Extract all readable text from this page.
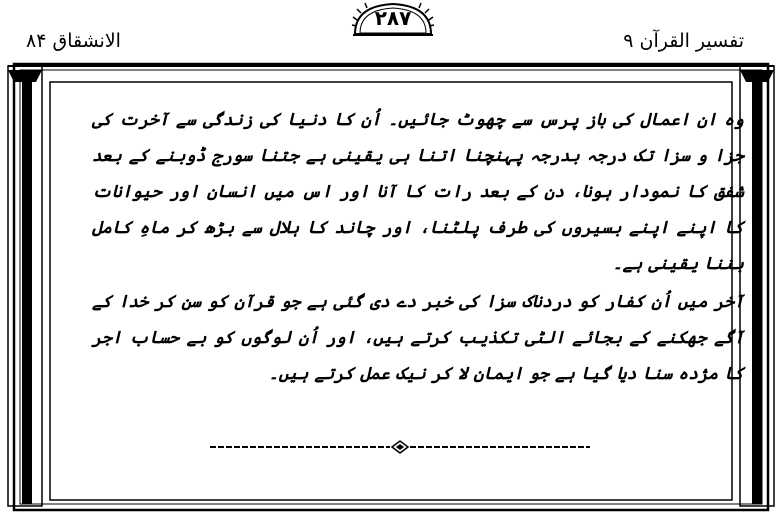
تفسیر القرآن ۹
۲۸۷
الانشقاق ۸۴

وہ ان اعمال کی باز پرس سے چھوٹ جائیں۔ اُن کا دنیا کی زندگی سے آخرت کی جزا و سزا تک درجہ بدرجہ پہنچنا اتنا ہی یقینی ہے جتنا سورج ڈوبنے کے بعد شفق کا نمودار ہونا، دن کے بعد رات کا آنا اور اس میں انسان اور حیوانات کا اپنے اپنے بسیروں کی طرف پلٹنا، اور چاند کا ہلال سے بڑھ کر ماہِ کامل بننا یقینی ہے۔

آخر میں اُن کفار کو دردناک سزا کی خبر دے دی گئی ہے جو قرآن کو سن کر خدا کے آگے جھکنے کے بجائے الٹی تکذیب کرتے ہیں، اور اُن لوگوں کو بے حساب اجر کا مژدہ سنا دیا گیا ہے جو ایمان لا کر نیک عمل کرتے ہیں۔
